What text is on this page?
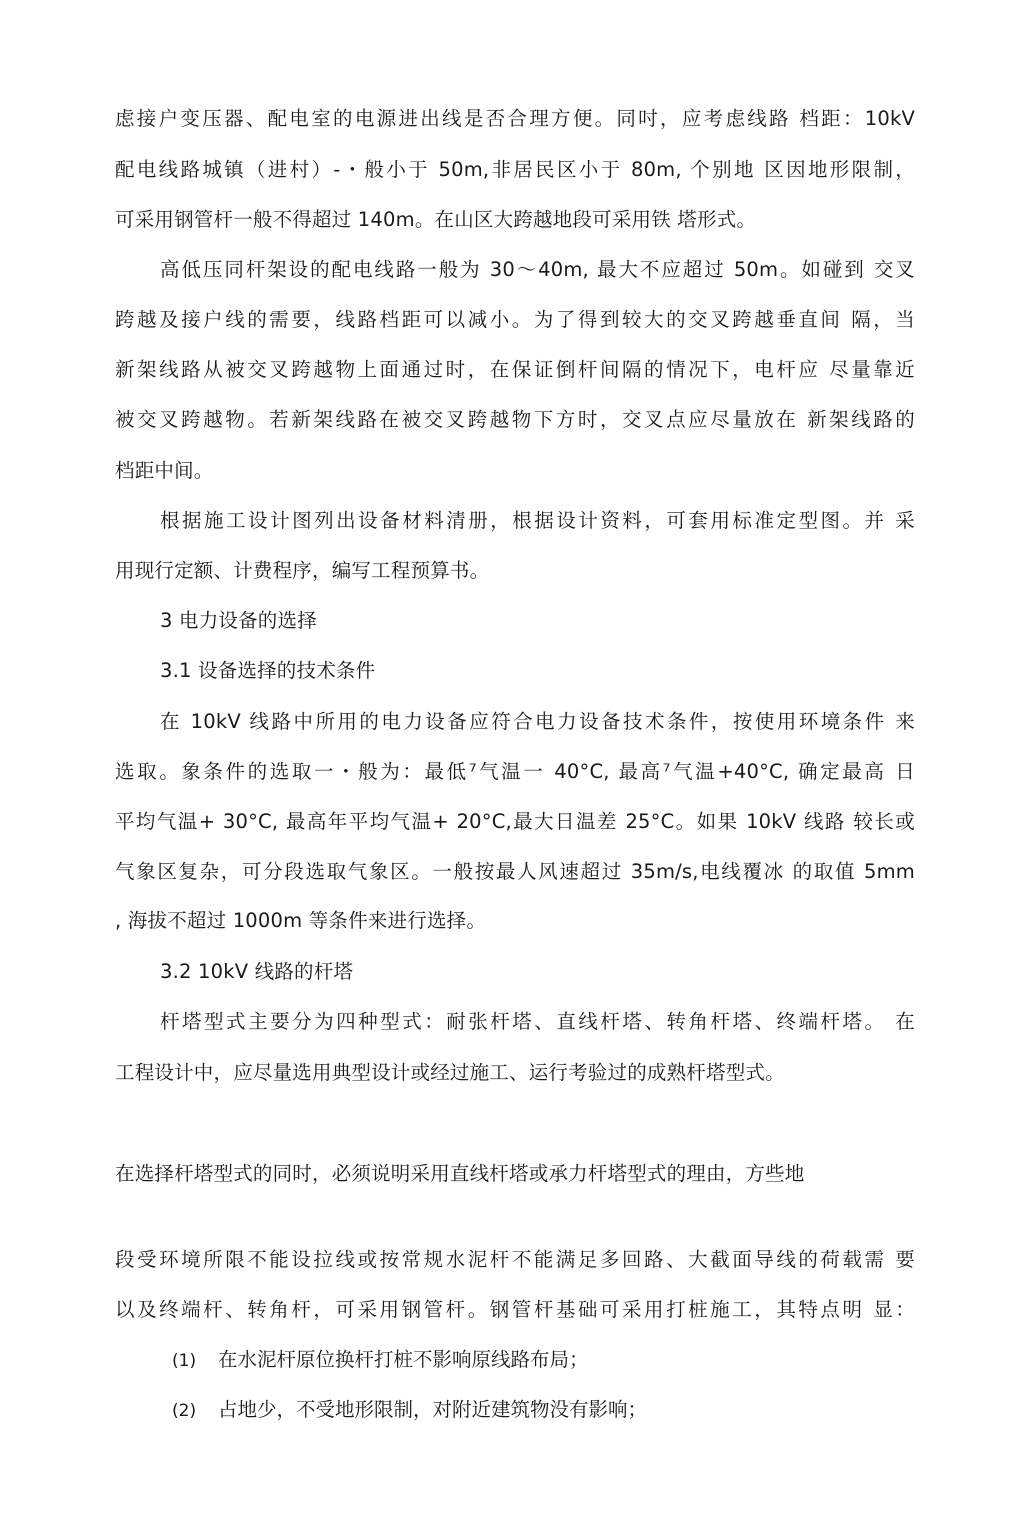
虑接户变压器、配电室的电源进出线是否合理方便。同吋，应考虑线路 档距：10kV
配电线路城镇（进村）-・般小于 50m,非居民区小于 80m, 个别地 区因地形限制，
可采用钢管杆一般不得超过 140m。在山区大跨越地段可采用铁 塔形式。
高低压同杆架设的配电线路一般为 30～40m, 最大不应超过 50m。如碰到 交叉
跨越及接户线的需要，线路档距可以减小。为了得到较大的交叉跨越垂直间 隔，当
新架线路从被交叉跨越物上面通过时，在保证倒杆间隔的情况下，电杆应 尽量靠近
被交叉跨越物。若新架线路在被交叉跨越物下方时，交叉点应尽量放在 新架线路的
档距中间。
根据施工设计图列出设备材料清册，根据设计资料，可套用标准定型图。并 采
用现行定额、计费程序，编写工程预算书。
3 电力设备的选择
3.1 设备选择的技术条件
在 10kV 线路中所用的电力设备应符合电力设备技术条件，按使用环境条件 来
选取。象条件的选取一・般为：最低⁷气温一 40°C, 最高⁷气温+40°C, 确定最高 日
平均气温+ 30°C, 最高年平均气温+ 20°C,最大日温差 25°C。如果 10kV 线路 较长或
气象区复杂，可分段选取气象区。一般按最人风速超过 35m/s,电线覆冰 的取值 5mm
, 海拔不超过 1000m 等条件来进行选择。
3.2 10kV 线路的杆塔
杆塔型式主要分为四种型式：耐张杆塔、直线杆塔、转角杆塔、终端杆塔。 在
工程设计中，应尽量选用典型设计或经过施工、运行考验过的成熟杆塔型式。
在选择杆塔型式的同时，必须说明采用直线杆塔或承力杆塔型式的理由，方些地
段受环境所限不能设拉线或按常规水泥杆不能满足多回路、大截面导线的荷载需 要
以及终端杆、转角杆，可采用钢管杆。钢管杆基础可采用打桩施工，其特点明 显：
(1) 在水泥杆原位换杆打桩不影响原线路布局；
(2) 占地少，不受地形限制，对附近建筑物没有影响；
